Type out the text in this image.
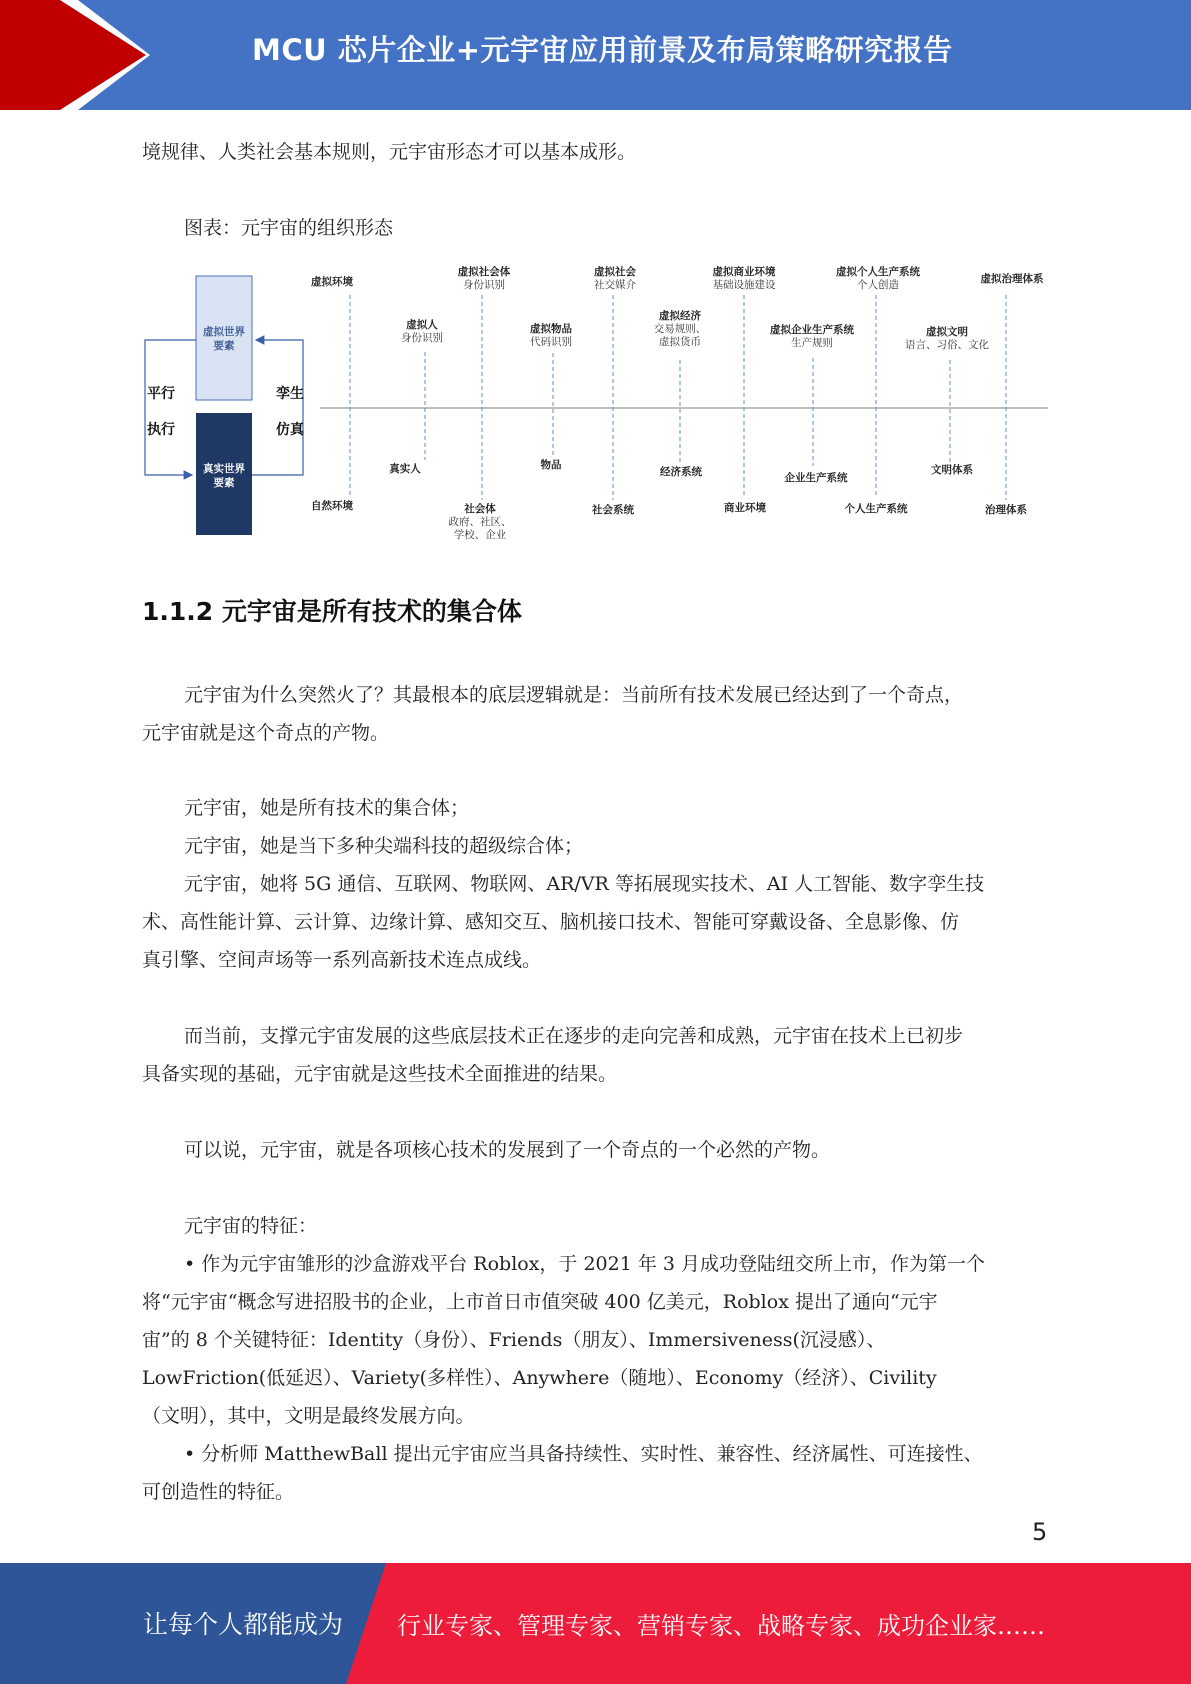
MCU 芯片企业+元宇宙应用前景及布局策略研究报告
境规律、人类社会基本规则，元宇宙形态才可以基本成形。
图表：元宇宙的组织形态
虚拟世界
要素
真实世界
要素
平行
执行
孪生
仿真
虚拟环境
虚拟人
身份识别
虚拟社会体
身份识别
虚拟物品
代码识别
虚拟社会
社交媒介
虚拟经济
交易规则、
虚拟货币
虚拟商业环境
基础设施建设
虚拟企业生产系统
生产规则
虚拟个人生产系统
个人创造
虚拟文明
语言、习俗、文化
虚拟治理体系
自然环境
真实人
社会体
政府、社区、
学校、企业
物品
社会系统
经济系统
商业环境
企业生产系统
个人生产系统
文明体系
治理体系
1.1.2 元宇宙是所有技术的集合体
元宇宙为什么突然火了？其最根本的底层逻辑就是：当前所有技术发展已经达到了一个奇点，
元宇宙就是这个奇点的产物。
元宇宙，她是所有技术的集合体；
元宇宙，她是当下多种尖端科技的超级综合体；
元宇宙，她将 5G 通信、互联网、物联网、AR/VR 等拓展现实技术、AI 人工智能、数字孪生技
术、高性能计算、云计算、边缘计算、感知交互、脑机接口技术、智能可穿戴设备、全息影像、仿
真引擎、空间声场等一系列高新技术连点成线。
而当前，支撑元宇宙发展的这些底层技术正在逐步的走向完善和成熟，元宇宙在技术上已初步
具备实现的基础，元宇宙就是这些技术全面推进的结果。
可以说，元宇宙，就是各项核心技术的发展到了一个奇点的一个必然的产物。
元宇宙的特征：
• 作为元宇宙雏形的沙盒游戏平台 Roblox，于 2021 年 3 月成功登陆纽交所上市，作为第一个
将“元宇宙“概念写进招股书的企业，上市首日市值突破 400 亿美元，Roblox 提出了通向“元宇
宙”的 8 个关键特征：Identity（身份）、Friends（朋友）、Immersiveness(沉浸感）、
LowFriction(低延迟）、Variety(多样性）、Anywhere（随地）、Economy（经济）、Civility
（文明），其中，文明是最终发展方向。
• 分析师 MatthewBall 提出元宇宙应当具备持续性、实时性、兼容性、经济属性、可连接性、
可创造性的特征。
5
让每个人都能成为 行业专家、管理专家、营销专家、战略专家、成功企业家……
